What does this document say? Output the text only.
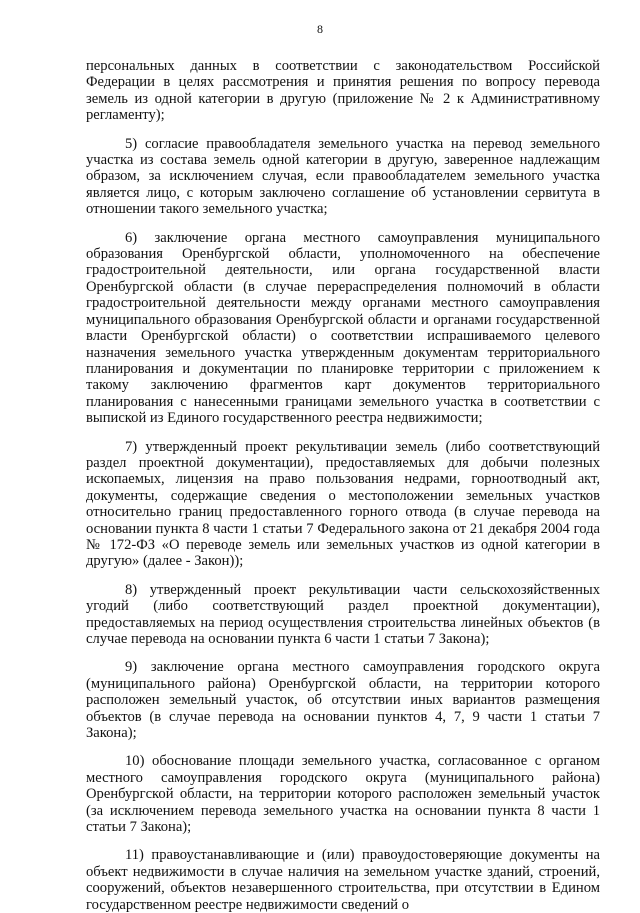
8

персональных данных в соответствии с законодательством Российской Федерации в целях рассмотрения и принятия решения по вопросу перевода земель из одной категории в другую (приложение № 2 к Административному регламенту);

5) согласие правообладателя земельного участка на перевод земельного участка из состава земель одной категории в другую, заверенное надлежащим образом, за исключением случая, если правообладателем земельного участка является лицо, с которым заключено соглашение об установлении сервитута в отношении такого земельного участка;

6) заключение органа местного самоуправления муниципального образования Оренбургской области, уполномоченного на обеспечение градостроительной деятельности, или органа государственной власти Оренбургской области (в случае перераспределения полномочий в области градостроительной деятельности между органами местного самоуправления муниципального образования Оренбургской области и органами государственной власти Оренбургской области) о соответствии испрашиваемого целевого назначения земельного участка утвержденным документам территориального планирования и документации по планировке территории с приложением к такому заключению фрагментов карт документов территориального планирования с нанесенными границами земельного участка в соответствии с выпиской из Единого государственного реестра недвижимости;

7) утвержденный проект рекультивации земель (либо соответствующий раздел проектной документации), предоставляемых для добычи полезных ископаемых, лицензия на право пользования недрами, горноотводный акт, документы, содержащие сведения о местоположении земельных участков относительно границ предоставленного горного отвода (в случае перевода на основании пункта 8 части 1 статьи 7 Федерального закона от 21 декабря 2004 года № 172-ФЗ «О переводе земель или земельных участков из одной категории в другую» (далее - Закон));

8) утвержденный проект рекультивации части сельскохозяйственных угодий (либо соответствующий раздел проектной документации), предоставляемых на период осуществления строительства линейных объектов (в случае перевода на основании пункта 6 части 1 статьи 7 Закона);

9) заключение органа местного самоуправления городского округа (муниципального района) Оренбургской области, на территории которого расположен земельный участок, об отсутствии иных вариантов размещения объектов (в случае перевода на основании пунктов 4, 7, 9 части 1 статьи 7 Закона);

10) обоснование площади земельного участка, согласованное с органом местного самоуправления городского округа (муниципального района) Оренбургской области, на территории которого расположен земельный участок (за исключением перевода земельного участка на основании пункта 8 части 1 статьи 7 Закона);

11) правоустанавливающие и (или) правоудостоверяющие документы на объект недвижимости в случае наличия на земельном участке зданий, строений, сооружений, объектов незавершенного строительства, при отсутствии в Едином государственном реестре недвижимости сведений о
